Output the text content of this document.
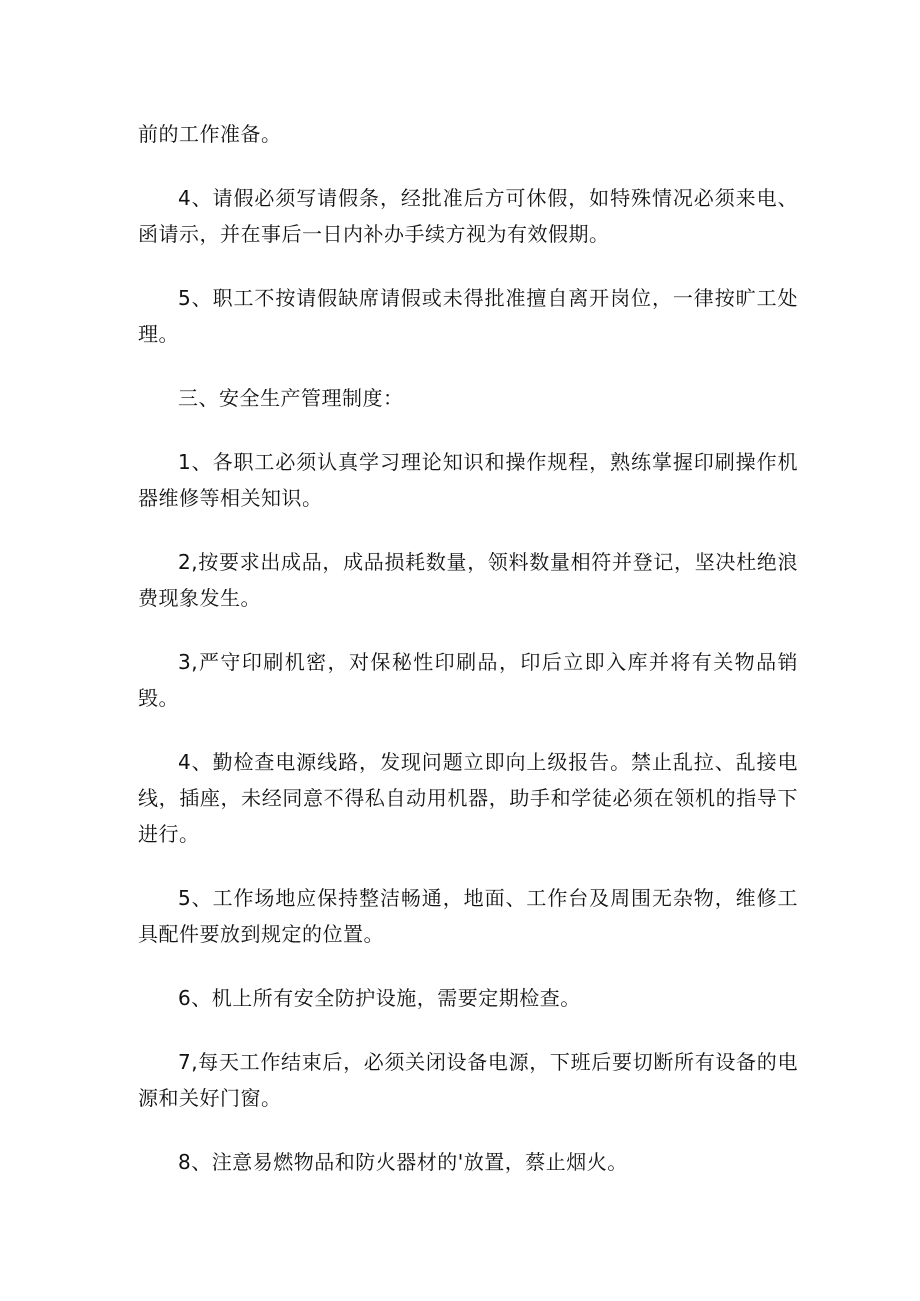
前的工作准备。

4、请假必须写请假条，经批准后方可休假，如特殊情况必须来电、函请示，并在事后一日内补办手续方视为有效假期。

5、职工不按请假缺席请假或未得批准擅自离开岗位，一律按旷工处理。

三、安全生产管理制度：

1、各职工必须认真学习理论知识和操作规程，熟练掌握印刷操作机器维修等相关知识。

2,按要求出成品，成品损耗数量，领料数量相符并登记，坚决杜绝浪费现象发生。

3,严守印刷机密，对保秘性印刷品，印后立即入库并将有关物品销毁。

4、勤检查电源线路，发现问题立即向上级报告。禁止乱拉、乱接电线，插座，未经同意不得私自动用机器，助手和学徒必须在领机的指导下进行。

5、工作场地应保持整洁畅通，地面、工作台及周围无杂物，维修工具配件要放到规定的位置。

6、机上所有安全防护设施，需要定期检查。

7,每天工作结束后，必须关闭设备电源，下班后要切断所有设备的电源和关好门窗。

8、注意易燃物品和防火器材的'放置，蔡止烟火。
